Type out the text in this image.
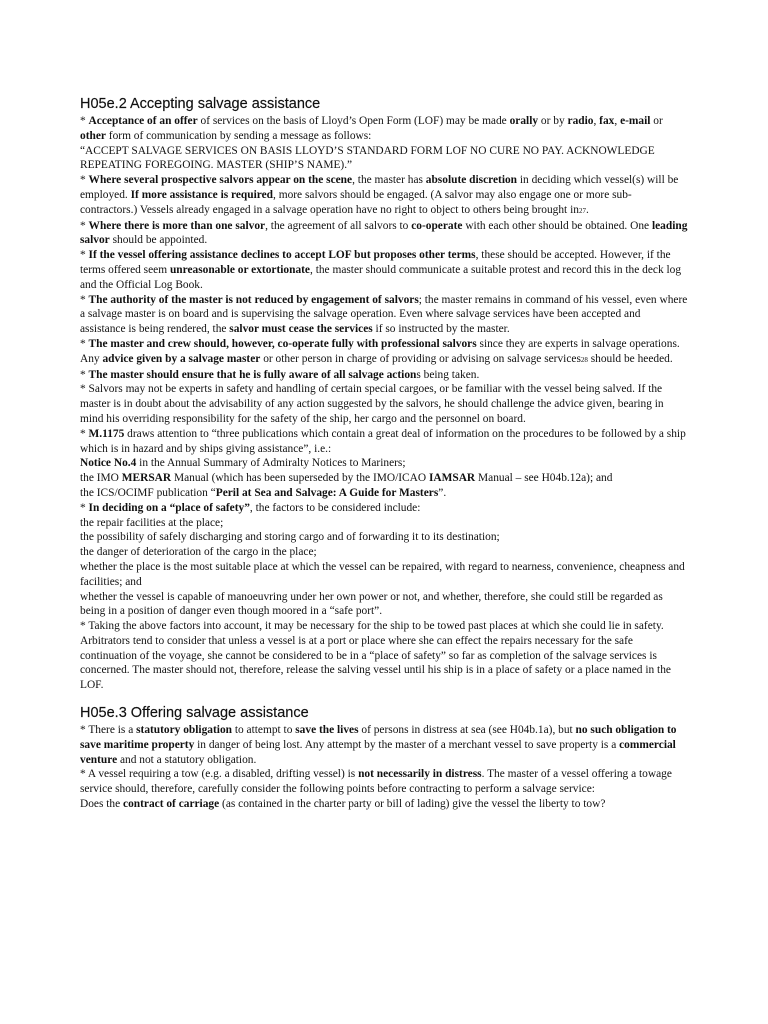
H05e.2 Accepting salvage assistance

* Acceptance of an offer of services on the basis of Lloyd’s Open Form (LOF) may be made orally or by radio, fax, e-mail or other form of communication by sending a message as follows:

“ACCEPT SALVAGE SERVICES ON BASIS LLOYD’S STANDARD FORM LOF NO CURE NO PAY. ACKNOWLEDGE REPEATING FOREGOING. MASTER (SHIP’S NAME).”

* Where several prospective salvors appear on the scene, the master has absolute discretion in deciding which vessel(s) will be employed. If more assistance is required, more salvors should be engaged. (A salvor may also engage one or more sub-contractors.) Vessels already engaged in a salvage operation have no right to object to others being brought in27.

* Where there is more than one salvor, the agreement of all salvors to co-operate with each other should be obtained. One leading salvor should be appointed.

* If the vessel offering assistance declines to accept LOF but proposes other terms, these should be accepted. However, if the terms offered seem unreasonable or extortionate, the master should communicate a suitable protest and record this in the deck log and the Official Log Book.

* The authority of the master is not reduced by engagement of salvors; the master remains in command of his vessel, even where a salvage master is on board and is supervising the salvage operation. Even where salvage services have been accepted and assistance is being rendered, the salvor must cease the services if so instructed by the master.

* The master and crew should, however, co-operate fully with professional salvors since they are experts in salvage operations. Any advice given by a salvage master or other person in charge of providing or advising on salvage services28 should be heeded.

* The master should ensure that he is fully aware of all salvage actions being taken.

* Salvors may not be experts in safety and handling of certain special cargoes, or be familiar with the vessel being salved. If the master is in doubt about the advisability of any action suggested by the salvors, he should challenge the advice given, bearing in mind his overriding responsibility for the safety of the ship, her cargo and the personnel on board.

* M.1175 draws attention to “three publications which contain a great deal of information on the procedures to be followed by a ship which is in hazard and by ships giving assistance”, i.e.:

Notice No.4 in the Annual Summary of Admiralty Notices to Mariners;

the IMO MERSAR Manual (which has been superseded by the IMO/ICAO IAMSAR Manual – see H04b.12a); and

the ICS/OCIMF publication “Peril at Sea and Salvage: A Guide for Masters”.

* In deciding on a “place of safety”, the factors to be considered include:

the repair facilities at the place;

the possibility of safely discharging and storing cargo and of forwarding it to its destination;

the danger of deterioration of the cargo in the place;

whether the place is the most suitable place at which the vessel can be repaired, with regard to nearness, convenience, cheapness and facilities; and

whether the vessel is capable of manoeuvring under her own power or not, and whether, therefore, she could still be regarded as being in a position of danger even though moored in a “safe port”.

* Taking the above factors into account, it may be necessary for the ship to be towed past places at which she could lie in safety. Arbitrators tend to consider that unless a vessel is at a port or place where she can effect the repairs necessary for the safe continuation of the voyage, she cannot be considered to be in a “place of safety” so far as completion of the salvage services is concerned. The master should not, therefore, release the salving vessel until his ship is in a place of safety or a place named in the LOF.

H05e.3 Offering salvage assistance

* There is a statutory obligation to attempt to save the lives of persons in distress at sea (see H04b.1a), but no such obligation to save maritime property in danger of being lost. Any attempt by the master of a merchant vessel to save property is a commercial venture and not a statutory obligation.

* A vessel requiring a tow (e.g. a disabled, drifting vessel) is not necessarily in distress. The master of a vessel offering a towage service should, therefore, carefully consider the following points before contracting to perform a salvage service:

Does the contract of carriage (as contained in the charter party or bill of lading) give the vessel the liberty to tow?
